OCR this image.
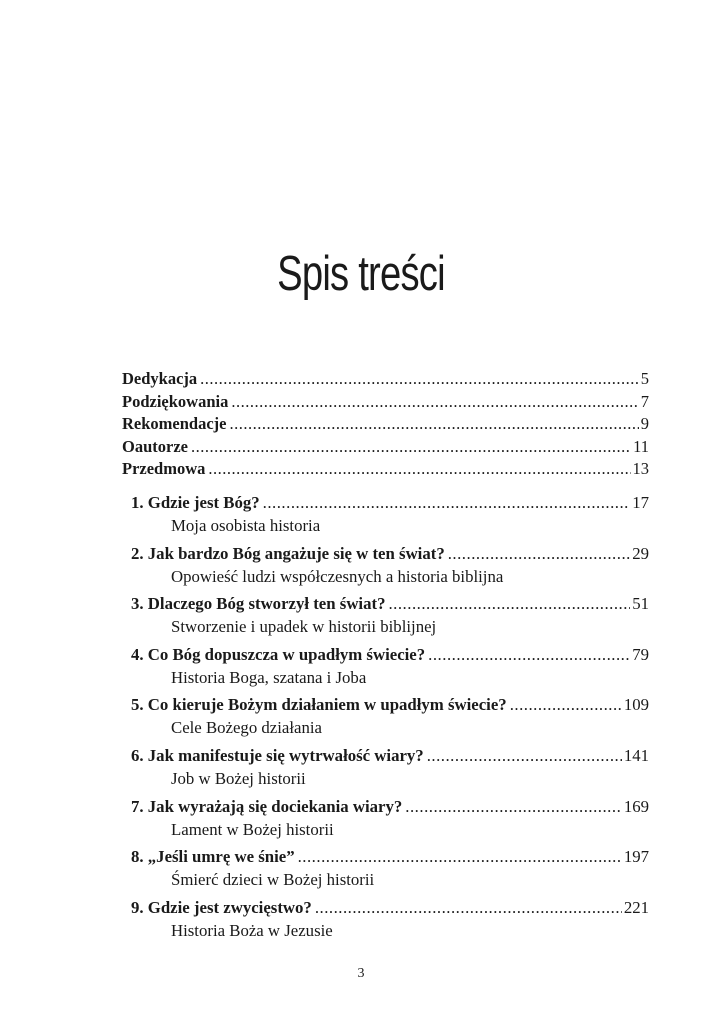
Spis treści
Dedykacja .....	5
Podziękowania .....	7
Rekomendacje .....	9
Oautorze .....	11
Przedmowa .....	13
1. Gdzie jest Bóg? .....	17
Moja osobista historia
2. Jak bardzo Bóg angażuje się w ten świat? .....	29
Opowieść ludzi współczesnych a historia biblijna
3. Dlaczego Bóg stworzył ten świat? .....	51
Stworzenie i upadek w historii biblijnej
4. Co Bóg dopuszcza w upadłym świecie? .....	79
Historia Boga, szatana i Joba
5. Co kieruje Bożym działaniem w upadłym świecie? .....	109
Cele Bożego działania
6. Jak manifestuje się wytrwałość wiary? .....	141
Job w Bożej historii
7. Jak wyrażają się dociekania wiary? .....	169
Lament w Bożej historii
8. „Jeśli umrę we śnie” .....	197
Śmierć dzieci w Bożej historii
9. Gdzie jest zwycięstwo? .....	221
Historia Boża w Jezusie
3
